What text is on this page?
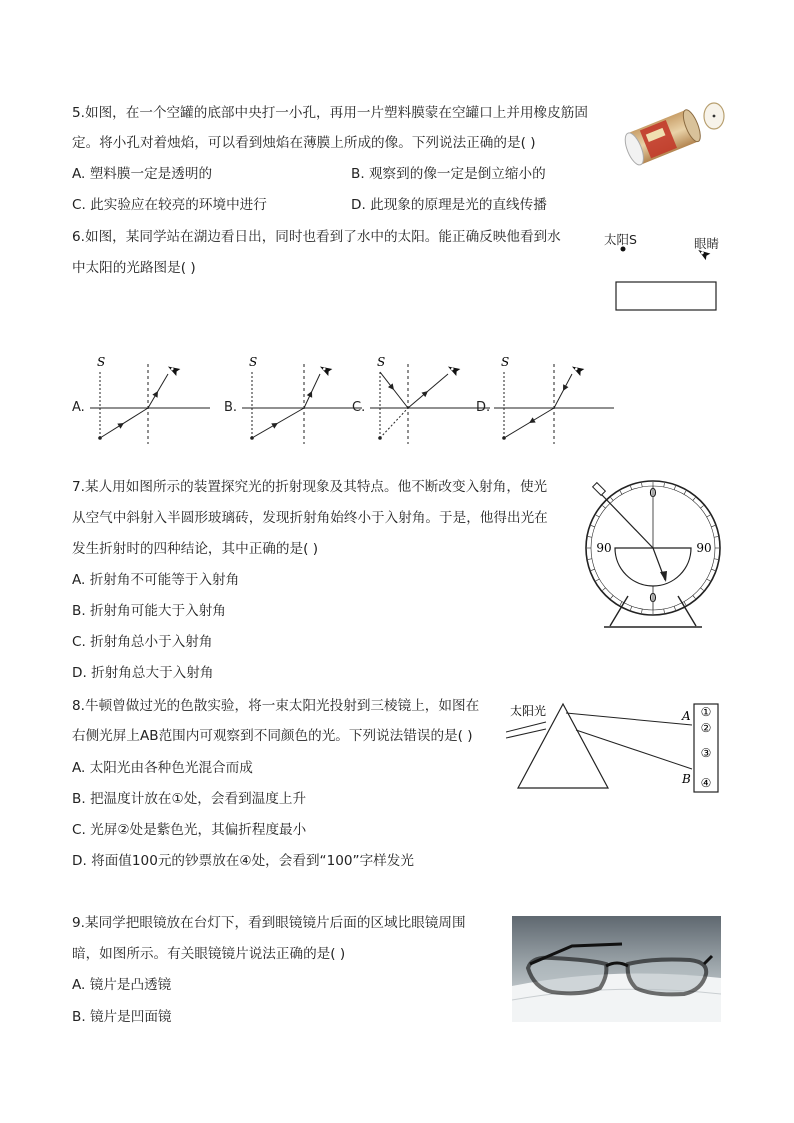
5.如图，在一个空罐的底部中央打一小孔，再用一片塑料膜蒙在空罐口上并用橡皮筋固
定。将小孔对着烛焰，可以看到烛焰在薄膜上所成的像。下列说法正确的是( )
A. 塑料膜一定是透明的	B. 观察到的像一定是倒立缩小的
C. 此实验应在较亮的环境中进行	D. 此现象的原理是光的直线传播
6.如图，某同学站在湖边看日出，同时也看到了水中的太阳。能正确反映他看到水
中太阳的光路图是( )
太阳S	眼睛
A.
S
B.
S
C.
S
D.
S
7.某人用如图所示的装置探究光的折射现象及其特点。他不断改变入射角，使光
从空气中斜射入半圆形玻璃砖，发现折射角始终小于入射角。于是，他得出光在
发生折射时的四种结论，其中正确的是( )
A. 折射角不可能等于入射角
B. 折射角可能大于入射角
C. 折射角总小于入射角
D. 折射角总大于入射角
0
0
90	90
8.牛顿曾做过光的色散实验，将一束太阳光投射到三棱镜上，如图在
右侧光屏上AB范围内可观察到不同颜色的光。下列说法错误的是( )
A. 太阳光由各种色光混合而成
B. 把温度计放在①处，会看到温度上升
C. 光屏②处是紫色光，其偏折程度最小
D. 将面值100元的钞票放在④处，会看到“100”字样发光
太阳光	A
B
①
②
③
④
9.某同学把眼镜放在台灯下，看到眼镜镜片后面的区域比眼镜周围
暗，如图所示。有关眼镜镜片说法正确的是( )
A. 镜片是凸透镜
B. 镜片是凹面镜
